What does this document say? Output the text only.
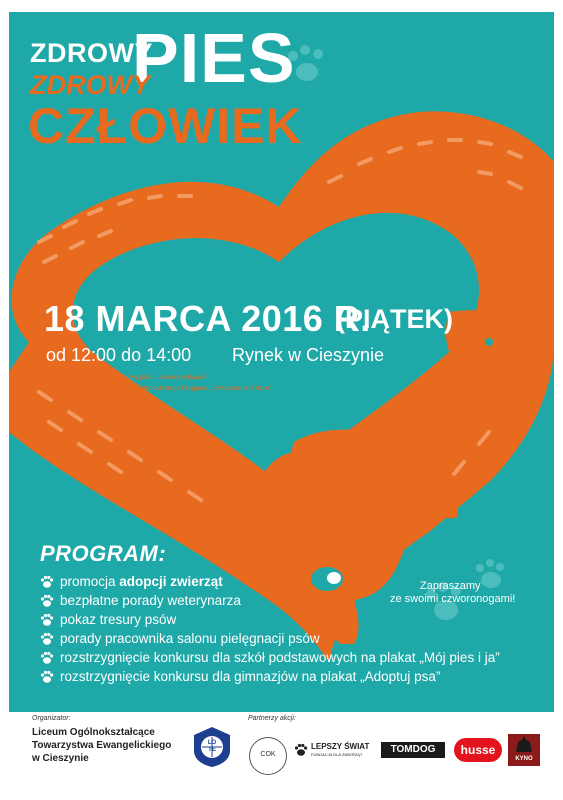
ZDROWY
PIES
ZDROWY
CZŁOWIEK
18 MARCA 2016 R.
(PIĄTEK)
od 12:00 do 14:00 Rynek w Cieszynie
Happening pod hasłem „Zdrowy pies – zdrowy człowiek”
projekt edukacyjny w ramach Ogólnopolskiego Programu „Zwierzaki w Szkole”
PROGRAM:
promocja adopcji zwierząt
bezpłatne porady weterynarza
pokaz tresury psów
porady pracownika salonu pielęgnacji psów
rozstrzygnięcie konkursu dla szkół podstawowych na plakat „Mój pies i ja”
rozstrzygnięcie konkursu dla gimnazjów na plakat „Adoptuj psa”
Zapraszamy
ze swoimi czworonogami!
projekt plakatu: ...
Organizator:
Liceum Ogólnokształcące
Towarzystwa Ewangelickiego
w Cieszynie
LO TE
Partnerzy akcji:
COK
LEPSZY ŚWIAT
FUNDACJA DLA ZWIERZĄT	TOMDOG	husse
KYNO
